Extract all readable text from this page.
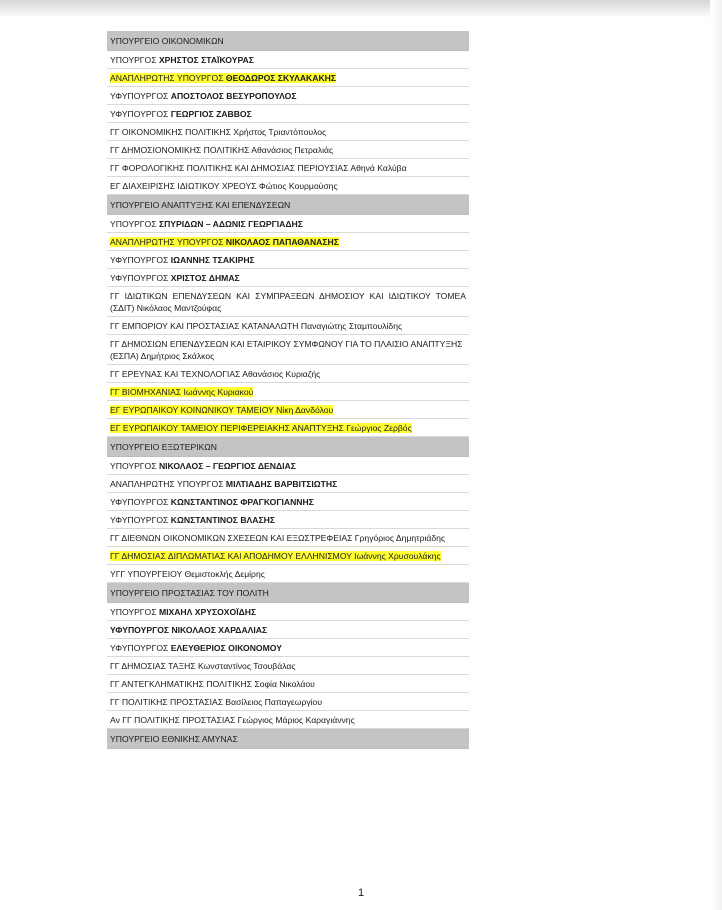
ΥΠΟΥΡΓΕΙΟ ΟΙΚΟΝΟΜΙΚΩΝ
ΥΠΟΥΡΓΟΣ ΧΡΗΣΤΟΣ ΣΤΑΪΚΟΥΡΑΣ
ΑΝΑΠΛΗΡΩΤΗΣ ΥΠΟΥΡΓΟΣ ΘΕΟΔΩΡΟΣ ΣΚΥΛΑΚΑΚΗΣ
ΥΦΥΠΟΥΡΓΟΣ ΑΠΟΣΤΟΛΟΣ ΒΕΣΥΡΟΠΟΥΛΟΣ
ΥΦΥΠΟΥΡΓΟΣ ΓΕΩΡΓΙΟΣ ΖΑΒΒΟΣ
ΓΓ ΟΙΚΟΝΟΜΙΚΗΣ ΠΟΛΙΤΙΚΗΣ Χρήστος Τριαντόπουλος
ΓΓ ΔΗΜΟΣΙΟΝΟΜΙΚΗΣ ΠΟΛΙΤΙΚΗΣ Αθανάσιος Πετραλιάς
ΓΓ ΦΟΡΟΛΟΓΙΚΗΣ ΠΟΛΙΤΙΚΗΣ ΚΑΙ ΔΗΜΟΣΙΑΣ ΠΕΡΙΟΥΣΙΑΣ Αθηνά Καλύβα
ΕΓ ΔΙΑΧΕΙΡΙΣΗΣ ΙΔΙΩΤΙΚΟΥ ΧΡΕΟΥΣ Φώτιος Κουρμούσης
ΥΠΟΥΡΓΕΙΟ ΑΝΑΠΤΥΞΗΣ ΚΑΙ ΕΠΕΝΔΥΣΕΩΝ
ΥΠΟΥΡΓΟΣ ΣΠΥΡΙΔΩΝ – ΑΔΩΝΙΣ ΓΕΩΡΓΙΑΔΗΣ
ΑΝΑΠΛΗΡΩΤΗΣ ΥΠΟΥΡΓΟΣ ΝΙΚΟΛΑΟΣ ΠΑΠΑΘΑΝΑΣΗΣ
ΥΦΥΠΟΥΡΓΟΣ ΙΩΑΝΝΗΣ ΤΣΑΚΙΡΗΣ
ΥΦΥΠΟΥΡΓΟΣ ΧΡΙΣΤΟΣ ΔΗΜΑΣ
ΓΓ ΙΔΙΩΤΙΚΩΝ ΕΠΕΝΔΥΣΕΩΝ ΚΑΙ ΣΥΜΠΡΑΞΕΩΝ ΔΗΜΟΣΙΟΥ ΚΑΙ ΙΔΙΩΤΙΚΟΥ ΤΟΜΕΑ (ΣΔΙΤ) Νικόλαος Μαντζούφας
ΓΓ ΕΜΠΟΡΙΟΥ ΚΑΙ ΠΡΟΣΤΑΣΙΑΣ ΚΑΤΑΝΑΛΩΤΗ Παναγιώτης Σταμπουλίδης
ΓΓ ΔΗΜΟΣΙΩΝ ΕΠΕΝΔΥΣΕΩΝ ΚΑΙ ΕΤΑΙΡΙΚΟΥ ΣΥΜΦΩΝΟΥ ΓΙΑ ΤΟ ΠΛΑΙΣΙΟ ΑΝΑΠΤΥΞΗΣ (ΕΣΠΑ) Δημήτριος Σκάλκος
ΓΓ ΕΡΕΥΝΑΣ ΚΑΙ ΤΕΧΝΟΛΟΓΙΑΣ Αθανάσιος Κυριαζής
ΓΓ ΒΙΟΜΗΧΑΝΙΑΣ Ιωάννης Κυριακού
ΕΓ ΕΥΡΩΠΑΙΚΟΥ ΚΟΙΝΩΝΙΚΟΥ ΤΑΜΕΙΟΥ Νίκη Δανδόλου
ΕΓ ΕΥΡΩΠΑΙΚΟΥ ΤΑΜΕΙΟΥ ΠΕΡΙΦΕΡΕΙΑΚΗΣ ΑΝΑΠΤΥΞΗΣ Γεώργιος Ζερβός
ΥΠΟΥΡΓΕΙΟ ΕΞΩΤΕΡΙΚΩΝ
ΥΠΟΥΡΓΟΣ ΝΙΚΟΛΑΟΣ – ΓΕΩΡΓΙΟΣ ΔΕΝΔΙΑΣ
ΑΝΑΠΛΗΡΩΤΗΣ ΥΠΟΥΡΓΟΣ ΜΙΛΤΙΑΔΗΣ ΒΑΡΒΙΤΣΙΩΤΗΣ
ΥΦΥΠΟΥΡΓΟΣ ΚΩΝΣΤΑΝΤΙΝΟΣ ΦΡΑΓΚΟΓΙΑΝΝΗΣ
ΥΦΥΠΟΥΡΓΟΣ ΚΩΝΣΤΑΝΤΙΝΟΣ ΒΛΑΣΗΣ
ΓΓ ΔΙΕΘΝΩΝ ΟΙΚΟΝΟΜΙΚΩΝ ΣΧΕΣΕΩΝ ΚΑΙ ΕΞΩΣΤΡΕΦΕΙΑΣ Γρηγόριος Δημητριάδης
ΓΓ ΔΗΜΟΣΙΑΣ ΔΙΠΛΩΜΑΤΙΑΣ ΚΑΙ ΑΠΟΔΗΜΟΥ ΕΛΛΗΝΙΣΜΟΥ Ιωάννης Χρυσουλάκης
ΥΓΓ ΥΠΟΥΡΓΕΙΟΥ Θεμιστοκλής Δεμίρης
ΥΠΟΥΡΓΕΙΟ ΠΡΟΣΤΑΣΙΑΣ ΤΟΥ ΠΟΛΙΤΗ
ΥΠΟΥΡΓΟΣ ΜΙΧΑΗΛ ΧΡΥΣΟΧΟΪΔΗΣ
ΥΦΥΠΟΥΡΓΟΣ ΝΙΚΟΛΑΟΣ ΧΑΡΔΑΛΙΑΣ
ΥΦΥΠΟΥΡΓΟΣ ΕΛΕΥΘΕΡΙΟΣ ΟΙΚΟΝΟΜΟΥ
ΓΓ ΔΗΜΟΣΙΑΣ ΤΑΞΗΣ Κωνσταντίνος Τσουβάλας
ΓΓ ΑΝΤΕΓΚΛΗΜΑΤΙΚΗΣ ΠΟΛΙΤΙΚΗΣ Σοφία Νικολάου
ΓΓ ΠΟΛΙΤΙΚΗΣ ΠΡΟΣΤΑΣΙΑΣ Βασίλειος Παπαγεωργίου
Αν ΓΓ ΠΟΛΙΤΙΚΗΣ ΠΡΟΣΤΑΣΙΑΣ Γεώργιος Μάριος Καραγιάννης
ΥΠΟΥΡΓΕΙΟ ΕΘΝΙΚΗΣ ΑΜΥΝΑΣ
1
